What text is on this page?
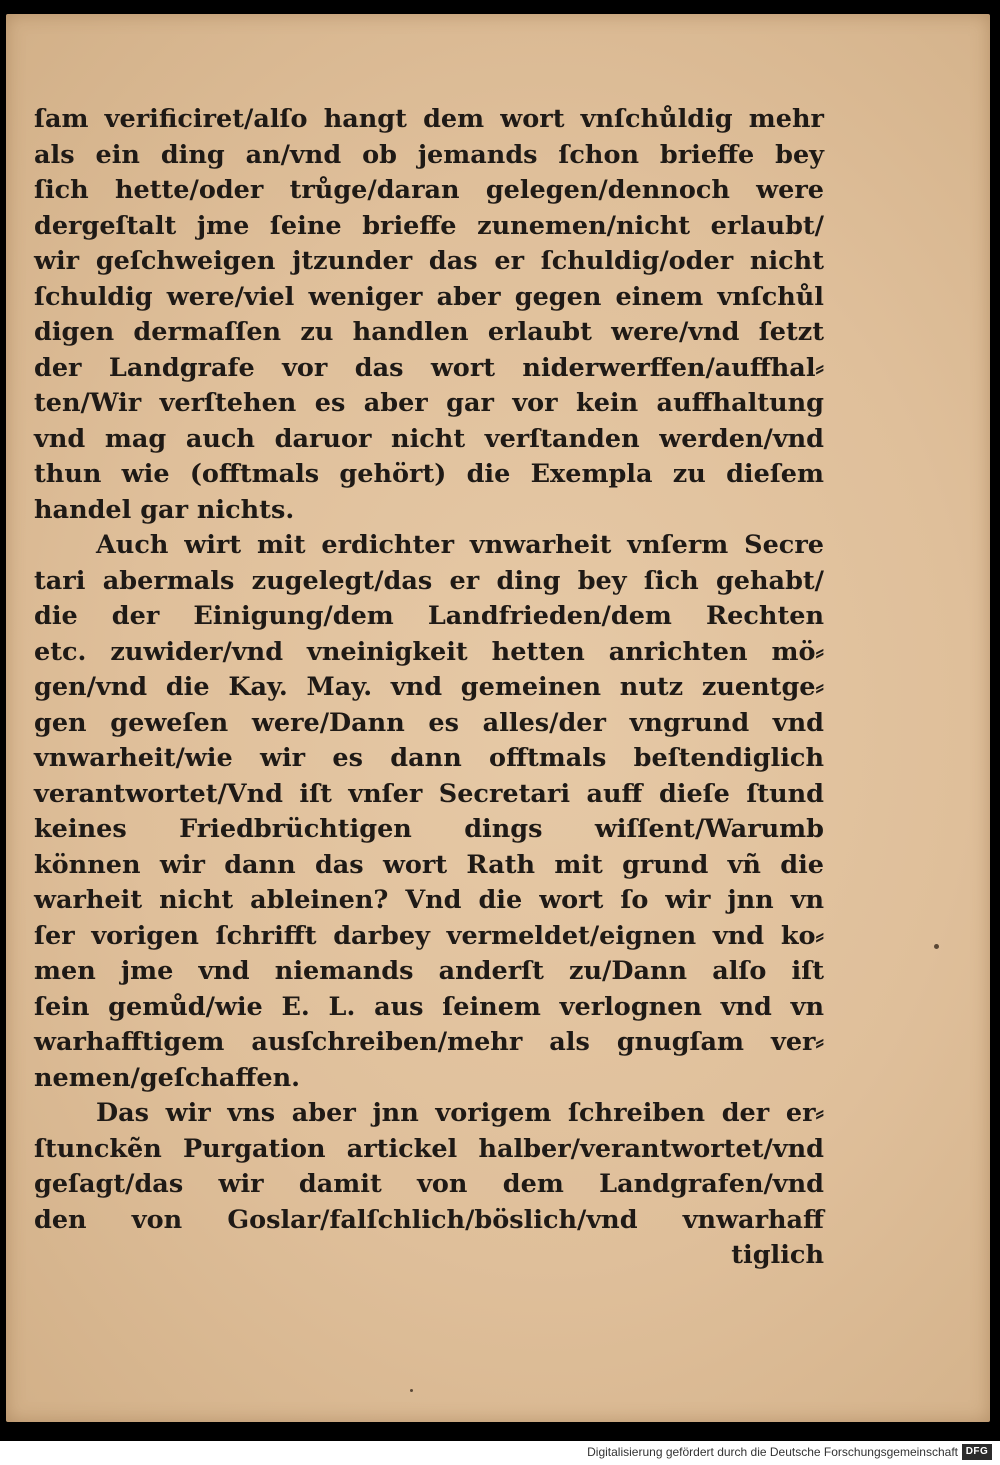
ſam verificiret/alſo hangt dem wort vnſchůldig mehr
als ein ding an/vnd ob jemands ſchon brieffe bey
ſich hette/oder trůge/daran gelegen/dennoch were
dergeſtalt jme ſeine brieffe zunemen/nicht erlaubt/
wir geſchweigen jtzunder das er ſchuldig/oder nicht
ſchuldig were/viel weniger aber gegen einem vnſchůl
digen dermaſſen zu handlen erlaubt were/vnd ſetzt
der Landgrafe vor das wort niderwerffen/auffhal⸗
ten/Wir verſtehen es aber gar vor kein auffhaltung
vnd mag auch daruor nicht verſtanden werden/vnd
thun wie (offtmals gehört) die Exempla zu dieſem
handel gar nichts.
Auch wirt mit erdichter vnwarheit vnſerm Secre
tari abermals zugelegt/das er ding bey ſich gehabt/
die der Einigung/dem Landfrieden/dem Rechten
etc. zuwider/vnd vneinigkeit hetten anrichten mö⸗
gen/vnd die Kay. May. vnd gemeinen nutz zuentge⸗
gen geweſen were/Dann es alles/der vngrund vnd
vnwarheit/wie wir es dann offtmals beſtendiglich
verantwortet/Vnd iſt vnſer Secretari auff dieſe ſtund
keines Friedbrüchtigen dings wiſſent/Warumb
können wir dann das wort Rath mit grund vñ die
warheit nicht ableinen? Vnd die wort ſo wir jnn vn
ſer vorigen ſchrifft darbey vermeldet/eignen vnd ko⸗
men jme vnd niemands anderſt zu/Dann alſo iſt
ſein gemůd/wie E. L. aus ſeinem verlognen vnd vn
warhafftigem ausſchreiben/mehr als gnugſam ver⸗
nemen/geſchaffen.
Das wir vns aber jnn vorigem ſchreiben der er⸗
ſtunckẽn Purgation artickel halber/verantwortet/vnd
geſagt/das wir damit von dem Landgrafen/vnd
den von Goslar/falſchlich/böslich/vnd vnwarhaff
tiglich
Digitalisierung gefördert durch die Deutsche Forschungsgemeinschaft DFG
